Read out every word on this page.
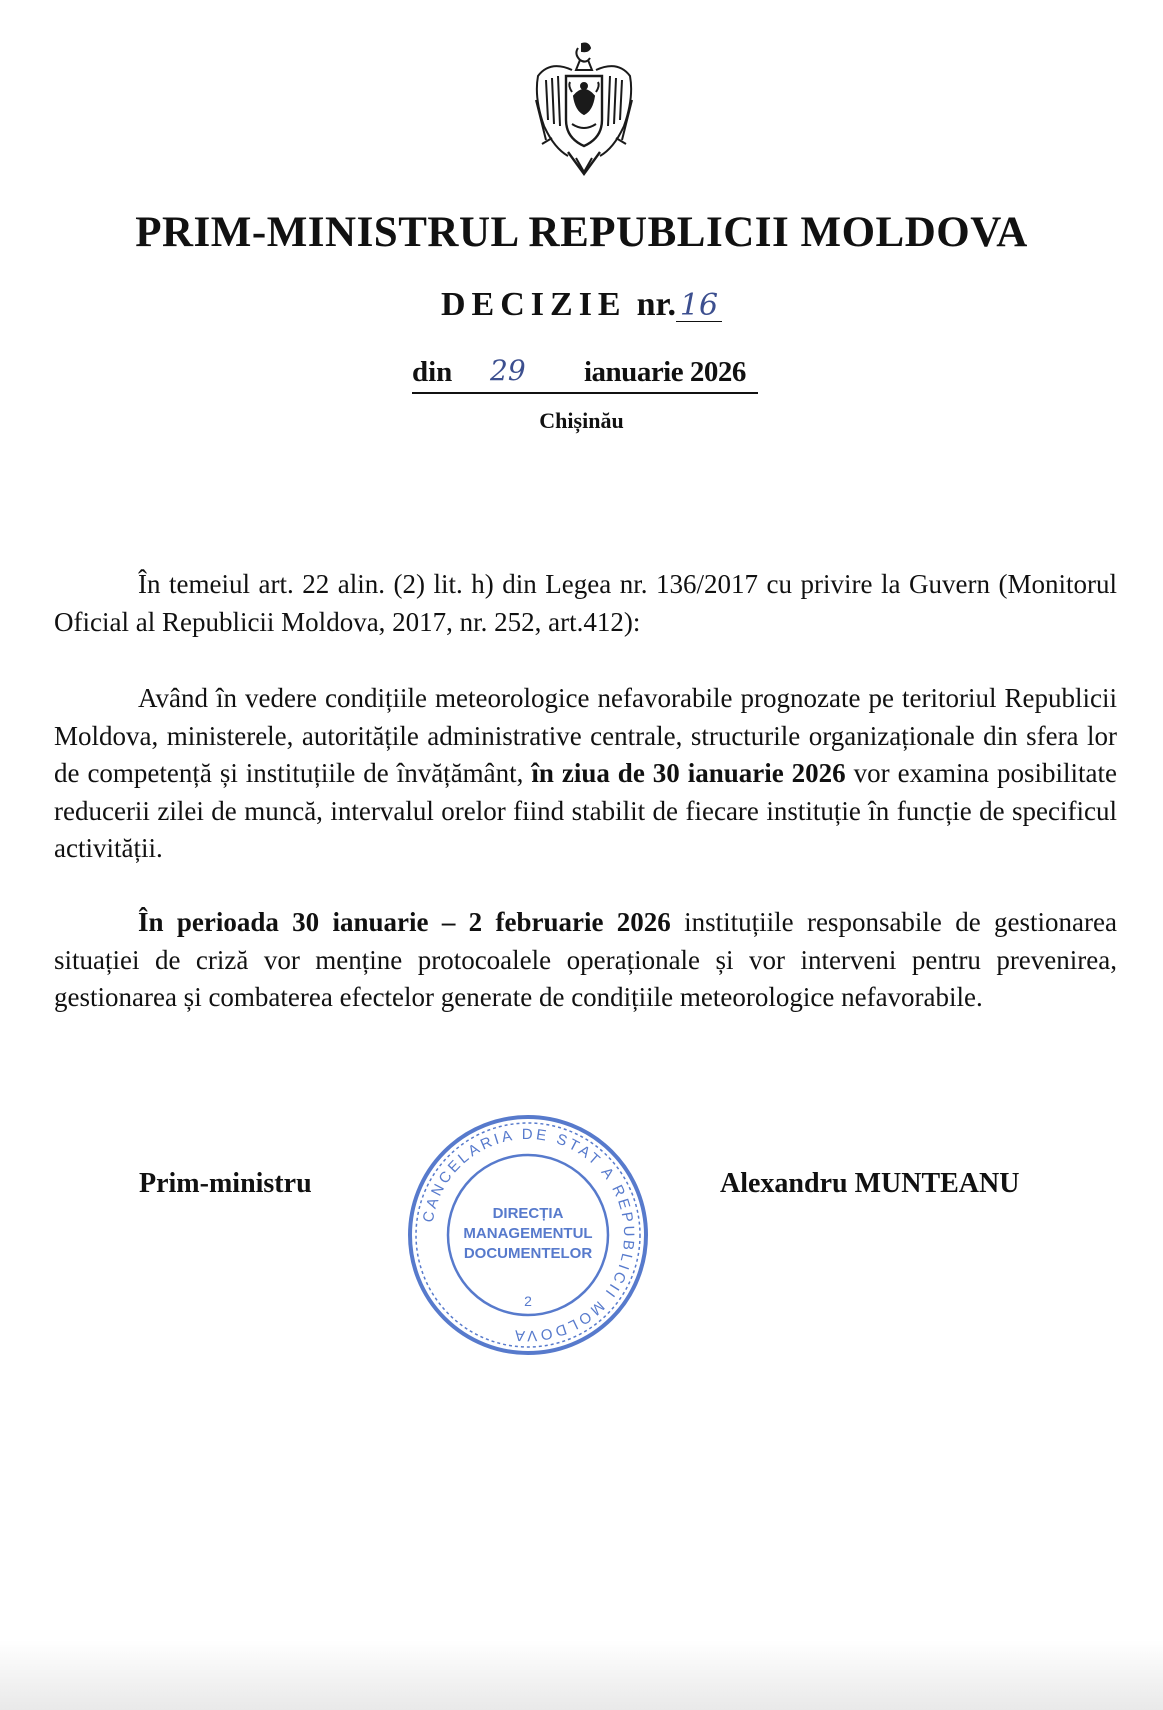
PRIM-MINISTRUL REPUBLICII MOLDOVA
DECIZIE nr. 16
din 29 ianuarie 2026
Chișinău

În temeiul art. 22 alin. (2) lit. h) din Legea nr. 136/2017 cu privire la Guvern (Monitorul Oficial al Republicii Moldova, 2017, nr. 252, art.412):

Având în vedere condițiile meteorologice nefavorabile prognozate pe teritoriul Republicii Moldova, ministerele, autoritățile administrative centrale, structurile organizaționale din sfera lor de competență și instituțiile de învățământ, în ziua de 30 ianuarie 2026 vor examina posibilitate reducerii zilei de muncă, intervalul orelor fiind stabilit de fiecare instituție în funcție de specificul activității.

În perioada 30 ianuarie – 2 februarie 2026 instituțiile responsabile de gestionarea situației de criză vor menține protocoalele operaționale și vor interveni pentru prevenirea, gestionarea și combaterea efectelor generate de condițiile meteorologice nefavorabile.

Prim-ministru	Alexandru MUNTEANU
CANCELARIA DE STAT A REPUBLICII MOLDOVA
DIRECȚIA
MANAGEMENTUL
DOCUMENTELOR
2
